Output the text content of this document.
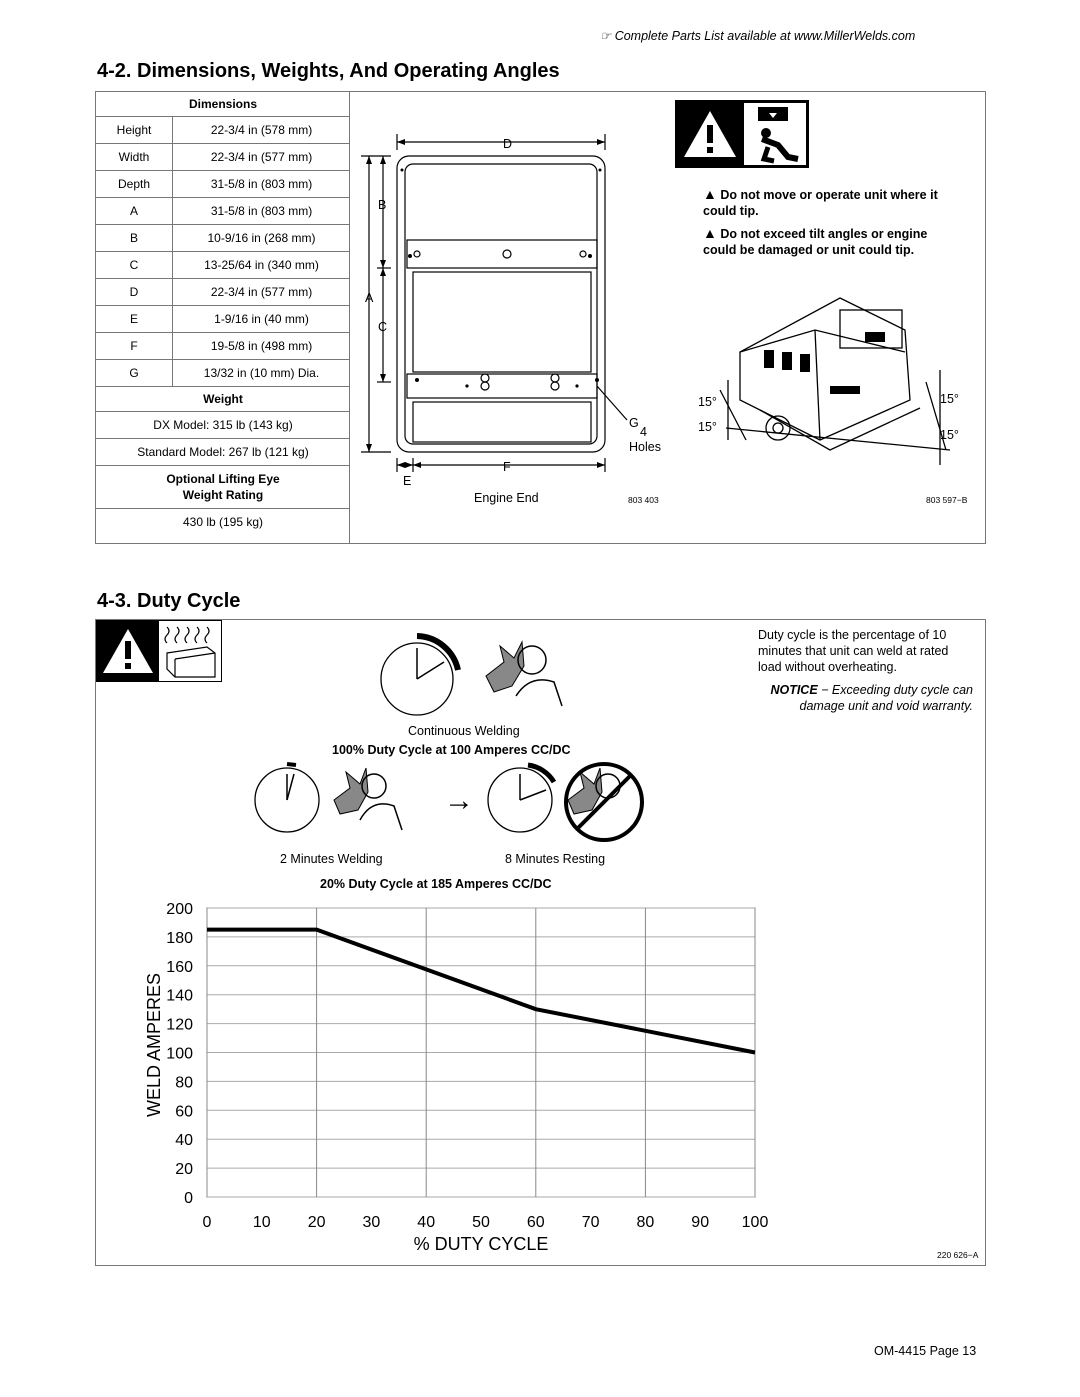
☞ Complete Parts List available at www.MillerWelds.com
4-2. Dimensions, Weights, And Operating Angles
Dimensions	
Height	22-3/4 in (578 mm)
Width	22-3/4 in (577 mm)
Depth	31-5/8 in (803 mm)
A	31-5/8 in (803 mm)
B	10-9/16 in (268 mm)
C	13-25/64 in (340 mm)
D	22-3/4 in (577 mm)
E	1-9/16 in (40 mm)
F	19-5/8 in (498 mm)
G	13/32 in (10 mm) Dia.
Weight	
DX Model: 315 lb (143 kg)	
Standard Model: 267 lb (121 kg)	
Optional Lifting Eye
Weight Rating	
430 lb (195 kg)	
D
B
A
C
F
E
G
4
Holes
Engine End	803 403
▲ Do not move or operate unit where it could tip.
▲ Do not exceed tilt angles or engine could be damaged or unit could tip.
15°
15°
15°
15°
803 597−B
4-3. Duty Cycle
Duty cycle is the percentage of 10 minutes that unit can weld at rated load without overheating.
NOTICE − Exceeding duty cycle can damage unit and void warranty.
Continuous Welding
100% Duty Cycle at 100 Amperes CC/DC
→
2 Minutes Welding	8 Minutes Resting
20% Duty Cycle at 185 Amperes CC/DC
0
20
40
60
80
100
120
140
160
180
200
0	10 20 30 40 50 60 70 80 90 100
WELD AMPERES
% DUTY CYCLE
220 626−A
OM-4415 Page 13
